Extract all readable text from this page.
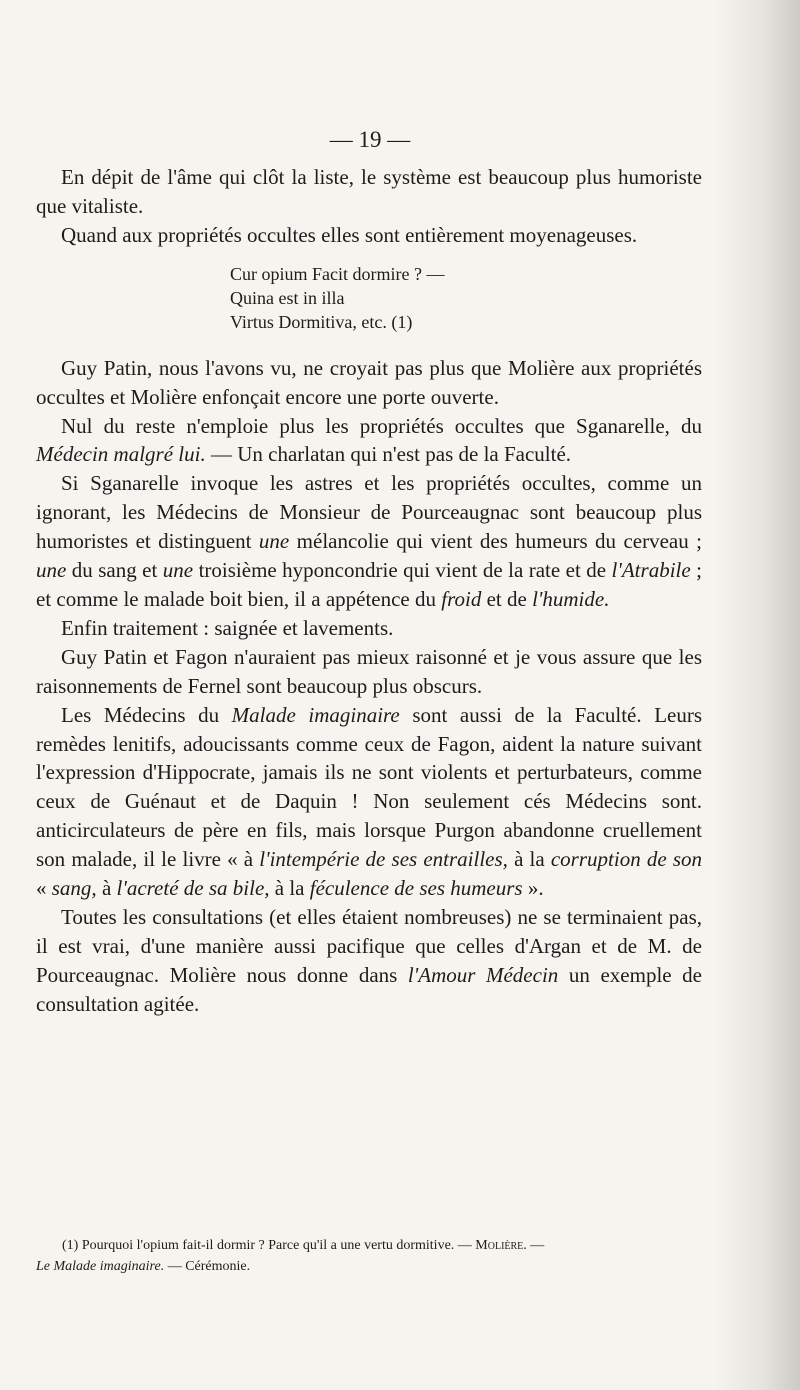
— 19 —

En dépit de l'âme qui clôt la liste, le système est beaucoup plus humoriste que vitaliste.

Quand aux propriétés occultes elles sont entièrement moyenageuses.

Cur opium Facit dormire ? —
Quina est in illa
Virtus Dormitiva, etc. (1)

Guy Patin, nous l'avons vu, ne croyait pas plus que Molière aux propriétés occultes et Molière enfonçait encore une porte ouverte.

Nul du reste n'emploie plus les propriétés occultes que Sganarelle, du Médecin malgré lui. — Un charlatan qui n'est pas de la Faculté.

Si Sganarelle invoque les astres et les propriétés occultes, comme un ignorant, les Médecins de Monsieur de Pourceaugnac sont beaucoup plus humoristes et distinguent une mélancolie qui vient des humeurs du cerveau ; une du sang et une troisième hyponcondrie qui vient de la rate et de l'Atrabile ; et comme le malade boit bien, il a appétence du froid et de l'humide.

Enfin traitement : saignée et lavements.

Guy Patin et Fagon n'auraient pas mieux raisonné et je vous assure que les raisonnements de Fernel sont beaucoup plus obscurs.

Les Médecins du Malade imaginaire sont aussi de la Faculté. Leurs remèdes lenitifs, adoucissants comme ceux de Fagon, aident la nature suivant l'expression d'Hippocrate, jamais ils ne sont violents et perturbateurs, comme ceux de Guénaut et de Daquin ! Non seulement cés Médecins sont. anticirculateurs de père en fils, mais lorsque Purgon abandonne cruellement son malade, il le livre « à l'intempérie de ses entrailles, à la corruption de son « sang, à l'acreté de sa bile, à la féculence de ses humeurs ».

Toutes les consultations (et elles étaient nombreuses) ne se terminaient pas, il est vrai, d'une manière aussi pacifique que celles d'Argan et de M. de Pourceaugnac. Molière nous donne dans l'Amour Médecin un exemple de consultation agitée.

(1) Pourquoi l'opium fait-il dormir ? Parce qu'il a une vertu dormitive. — Molière. —
Le Malade imaginaire. — Cérémonie.
